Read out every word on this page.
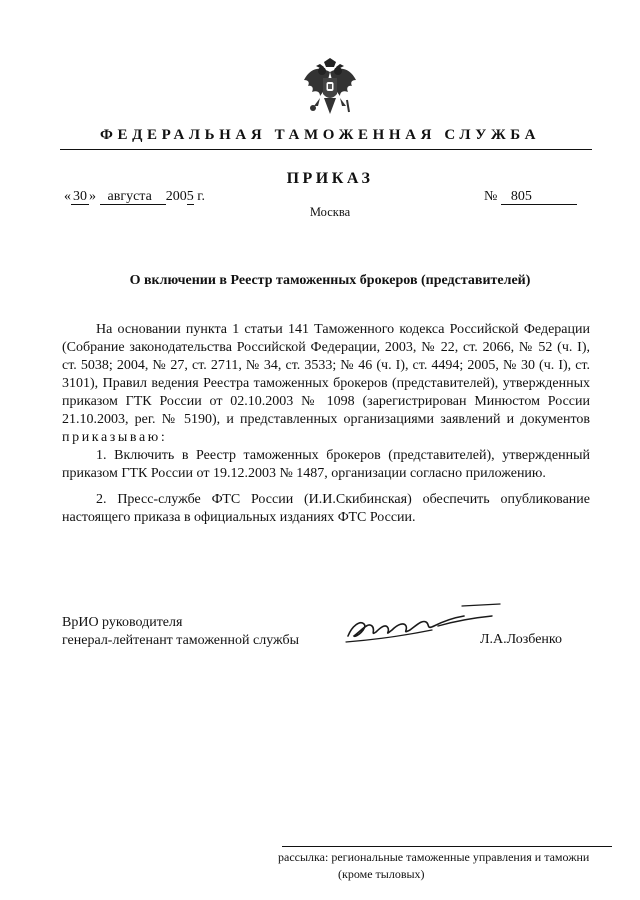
ФЕДЕРАЛЬНАЯ ТАМОЖЕННАЯ СЛУЖБА
ПРИКАЗ
« 30 » августа 2005 г.	№ 805
Москва
О включении в Реестр таможенных брокеров (представителей)

На основании пункта 1 статьи 141 Таможенного кодекса Российской Федерации (Собрание законодательства Российской Федерации, 2003, № 22, ст. 2066, № 52 (ч. I), ст. 5038; 2004, № 27, ст. 2711, № 34, ст. 3533; № 46 (ч. I), ст. 4494; 2005, № 30 (ч. I), ст. 3101), Правил ведения Реестра таможенных брокеров (представителей), утвержденных приказом ГТК России от 02.10.2003 № 1098 (зарегистрирован Минюстом России 21.10.2003, рег. № 5190), и представленных организациями заявлений и документов приказываю:

1. Включить в Реестр таможенных брокеров (представителей), утвержденный приказом ГТК России от 19.12.2003 № 1487, организации согласно приложению.

2. Пресс-службе ФТС России (И.И.Скибинская) обеспечить опубликование настоящего приказа в официальных изданиях ФТС России.

ВрИО руководителя
генерал-лейтенант таможенной службы	Л.А.Лозбенко
рассылка: региональные таможенные управления и таможни
(кроме тыловых)
